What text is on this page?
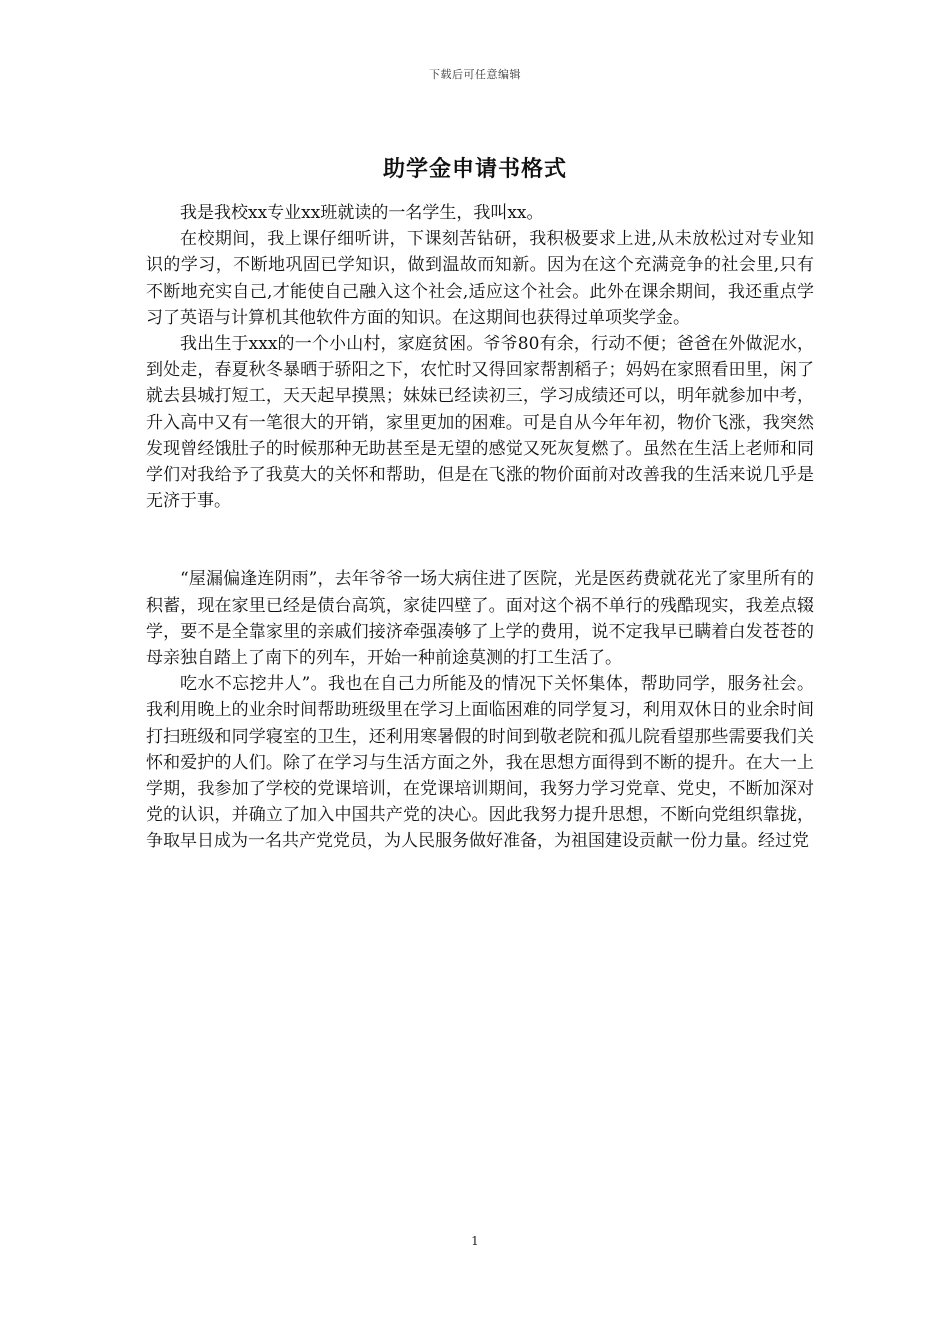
下载后可任意编辑
助学金申请书格式

我是我校xx专业xx班就读的一名学生，我叫xx。

在校期间，我上课仔细听讲，下课刻苦钻研，我积极要求上进,从未放松过对专业知识的学习，不断地巩固已学知识，做到温故而知新。因为在这个充满竞争的社会里,只有不断地充实自己,才能使自己融入这个社会,适应这个社会。此外在课余期间，我还重点学习了英语与计算机其他软件方面的知识。在这期间也获得过单项奖学金。

我出生于xxx的一个小山村，家庭贫困。爷爷80有余，行动不便；爸爸在外做泥水，到处走，春夏秋冬暴晒于骄阳之下，农忙时又得回家帮割稻子；妈妈在家照看田里，闲了就去县城打短工，天天起早摸黑；妹妹已经读初三，学习成绩还可以，明年就参加中考，升入高中又有一笔很大的开销，家里更加的困难。可是自从今年年初，物价飞涨，我突然发现曾经饿肚子的时候那种无助甚至是无望的感觉又死灰复燃了。虽然在生活上老师和同学们对我给予了我莫大的关怀和帮助，但是在飞涨的物价面前对改善我的生活来说几乎是无济于事。

“屋漏偏逢连阴雨”，去年爷爷一场大病住进了医院，光是医药费就花光了家里所有的积蓄，现在家里已经是债台高筑，家徒四壁了。面对这个祸不单行的残酷现实，我差点辍学，要不是全靠家里的亲戚们接济牵强凑够了上学的费用，说不定我早已瞒着白发苍苍的母亲独自踏上了南下的列车，开始一种前途莫测的打工生活了。

吃水不忘挖井人”。我也在自己力所能及的情况下关怀集体，帮助同学，服务社会。我利用晚上的业余时间帮助班级里在学习上面临困难的同学复习，利用双休日的业余时间打扫班级和同学寝室的卫生，还利用寒暑假的时间到敬老院和孤儿院看望那些需要我们关怀和爱护的人们。除了在学习与生活方面之外，我在思想方面得到不断的提升。在大一上学期，我参加了学校的党课培训，在党课培训期间，我努力学习党章、党史，不断加深对党的认识，并确立了加入中国共产党的决心。因此我努力提升思想，不断向党组织靠拢，争取早日成为一名共产党党员，为人民服务做好准备，为祖国建设贡献一份力量。经过党

1
